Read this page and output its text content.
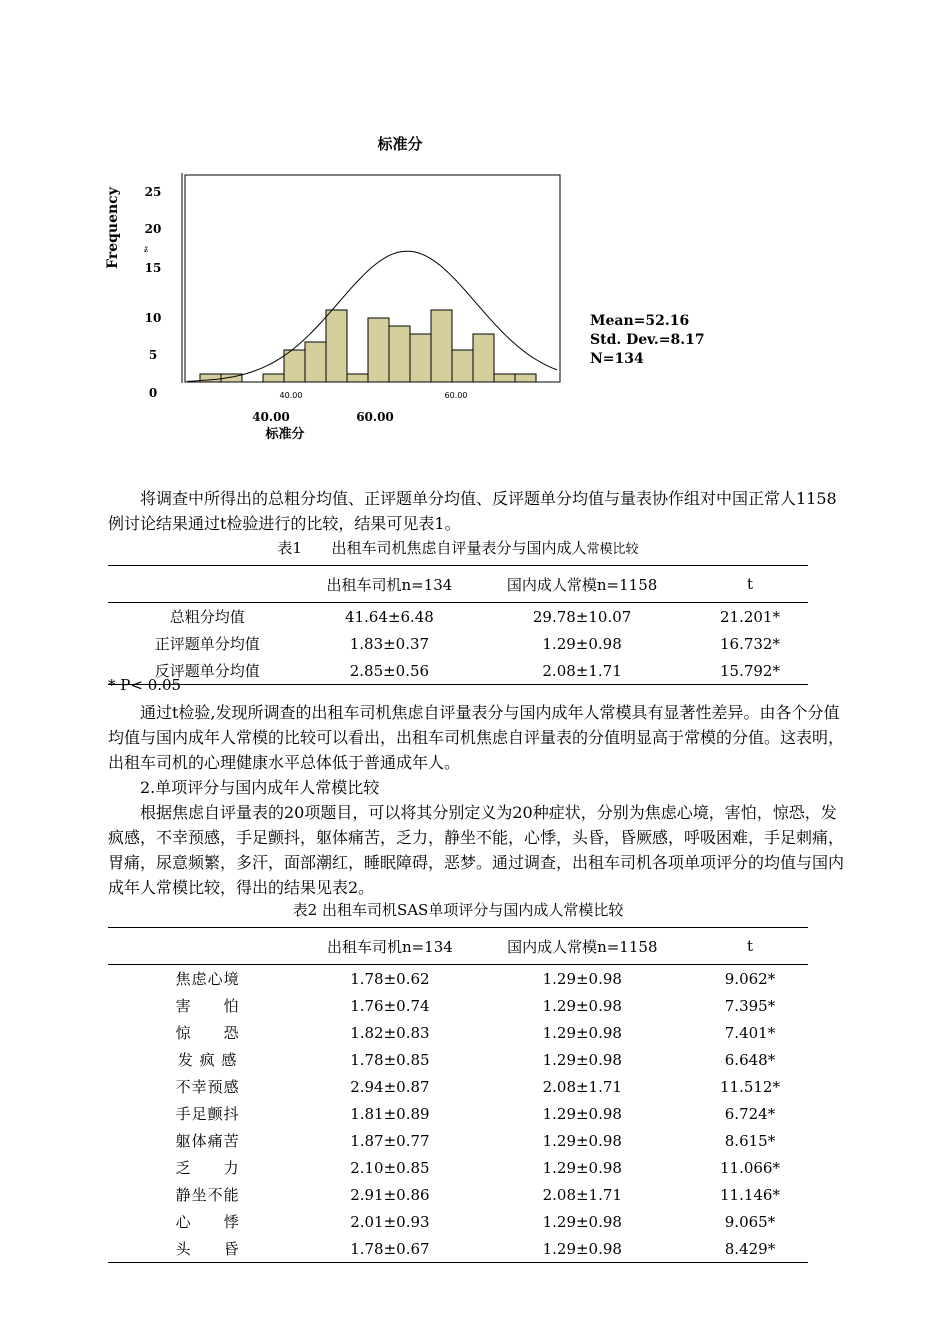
标准分
25
20
15
10
5
0
Frequency	ᵀᶜ
40.00	60.00
40.00	60.00
标准分
Mean=52.16
Std. Dev.=8.17
N=134

将调查中所得出的总粗分均值、正评题单分均值、反评题单分均值与量表协作组对中国正常人1158例讨论结果通过t检验进行的比较，结果可见表1。

表1 出租车司机焦虑自评量表分与国内成人常模比较
	出租车司机n=134	国内成人常模n=1158	t
总粗分均值	41.64±6.48	29.78±10.07	21.201*
正评题单分均值	1.83±0.37	1.29±0.98	16.732*
反评题单分均值	2.85±0.56	2.08±1.71	15.792*
* P< 0.05

通过t检验,发现所调查的出租车司机焦虑自评量表分与国内成年人常模具有显著性差异。由各个分值均值与国内成年人常模的比较可以看出，出租车司机焦虑自评量表的分值明显高于常模的分值。这表明，出租车司机的心理健康水平总体低于普通成年人。

2.单项评分与国内成年人常模比较

根据焦虑自评量表的20项题目，可以将其分别定义为20种症状，分别为焦虑心境，害怕，惊恐，发疯感，不幸预感，手足颤抖，躯体痛苦，乏力，静坐不能，心悸，头昏，昏厥感，呼吸困难，手足刺痛，胃痛，尿意频繁，多汗，面部潮红，睡眠障碍，恶梦。通过调查，出租车司机各项单项评分的均值与国内成年人常模比较，得出的结果见表2。

表2 出租车司机SAS单项评分与国内成人常模比较
	出租车司机n=134	国内成人常模n=1158	t
焦虑心境	1.78±0.62	1.29±0.98	9.062*
害　　怕	1.76±0.74	1.29±0.98	7.395*
惊　　恐	1.82±0.83	1.29±0.98	7.401*
发 疯 感	1.78±0.85	1.29±0.98	6.648*
不幸预感	2.94±0.87	2.08±1.71	11.512*
手足颤抖	1.81±0.89	1.29±0.98	6.724*
躯体痛苦	1.87±0.77	1.29±0.98	8.615*
乏　　力	2.10±0.85	1.29±0.98	11.066*
静坐不能	2.91±0.86	2.08±1.71	11.146*
心　　悸	2.01±0.93	1.29±0.98	9.065*
头　　昏	1.78±0.67	1.29±0.98	8.429*
